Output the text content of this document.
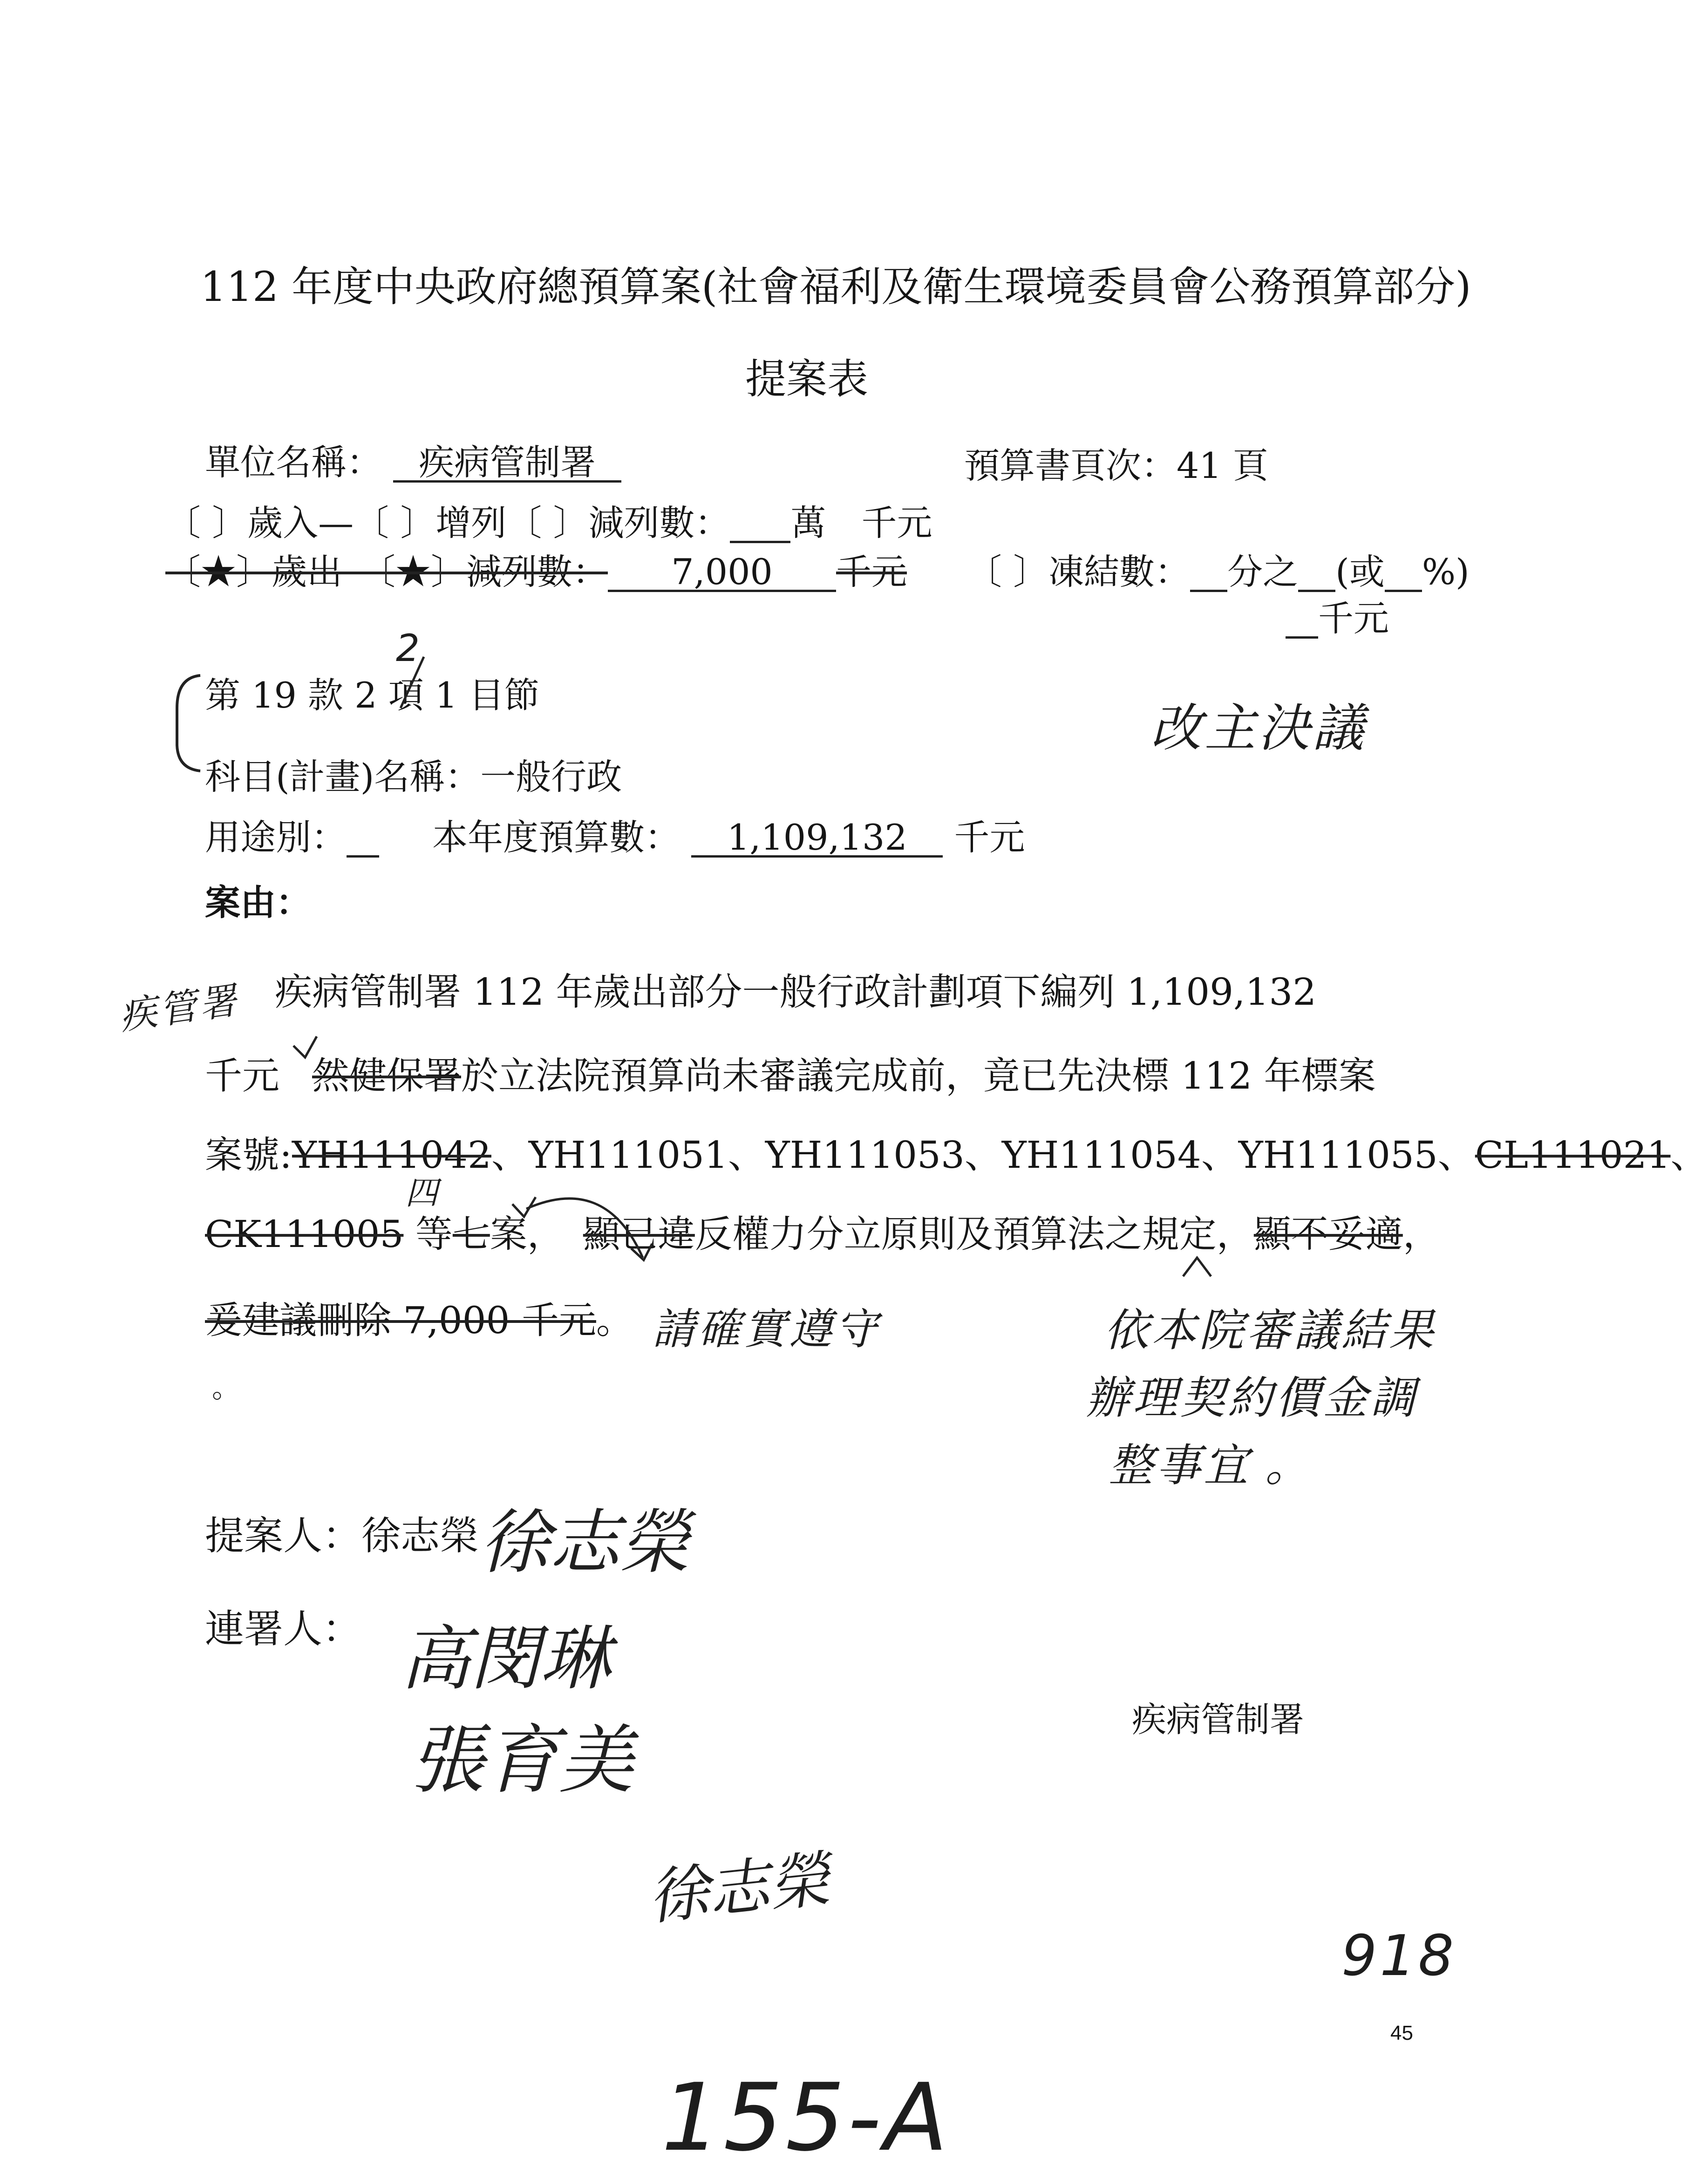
112 年度中央政府總預算案(社會福利及衛生環境委員會公務預算部分)
提案表
單位名稱： 疾病管制署	預算書頁次：41 頁
〔 〕歲入—〔 〕增列〔 〕減列數： 萬　千元
〔★〕歲出　〔★〕減列數： 7,000 千元 〔 〕凍結數： 分之 (或 %)
千元
2
第 19 款 2 項 1 目節
改主決議
科目(計畫)名稱：一般行政
用途別： 本年度預算數： 1,109,132 千元
案由：
疾管署 疾病管制署 112 年歲出部分一般行政計劃項下編列 1,109,132
千元 然健保署於立法院預算尚未審議完成前，竟已先決標 112 年標案
案號:YH111042、YH111051、YH111053、YH111054、YH111055、CL111021、
四
CK111005 等七案， 顯已違反權力分立原則及預算法之規定，顯不妥適，
爰建議刪除 7,000 千元。 請確實遵守
。
依本院審議結果
辦理契約價金調
整事宜 。
提案人：徐志榮 徐志榮
連署人： 高閔琳
張育美
徐志榮
疾病管制署
918
45
155-A
